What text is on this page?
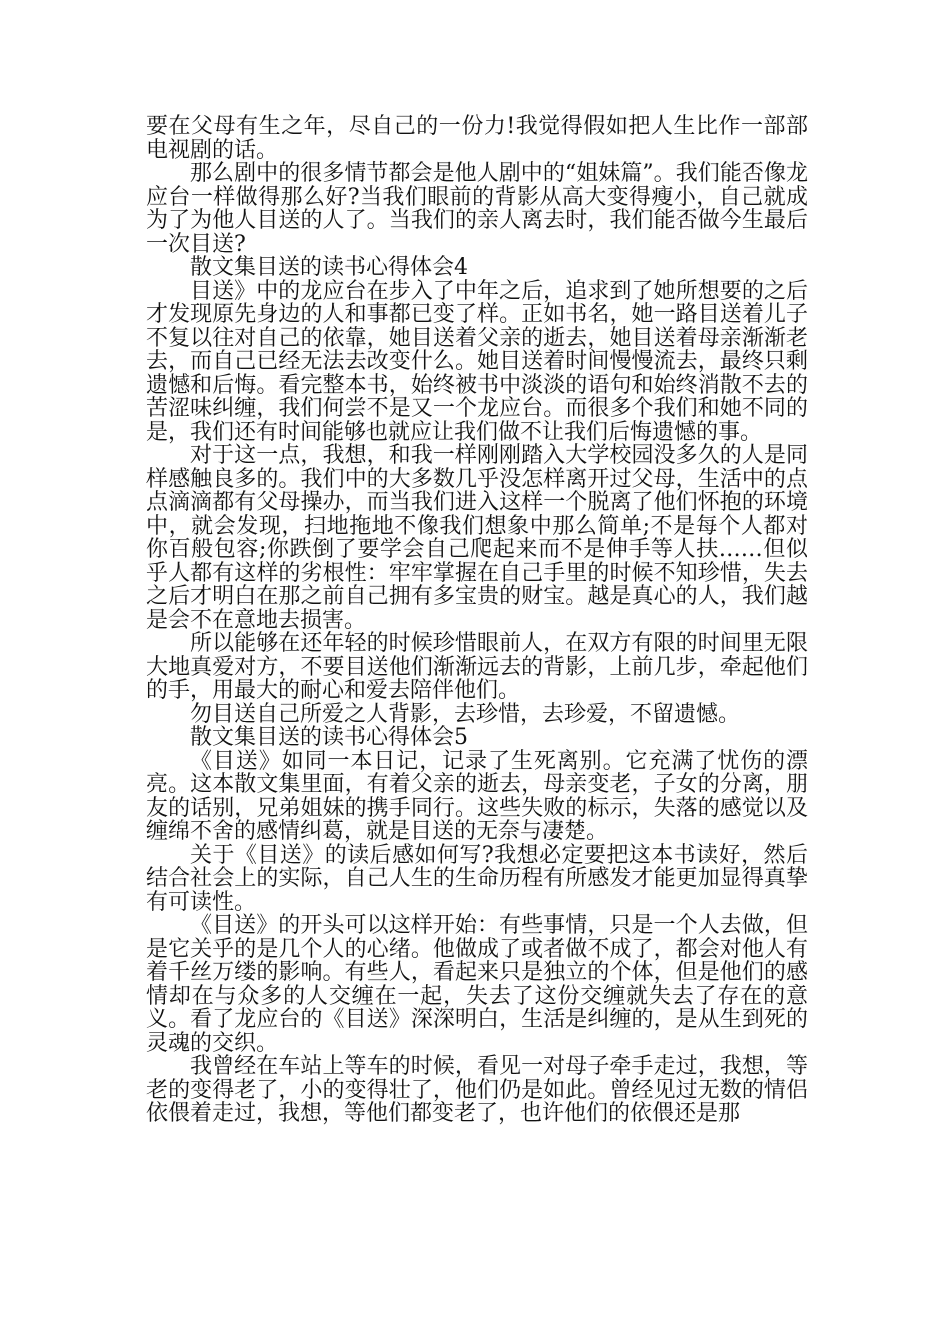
要在父母有生之年，尽自己的一份力!我觉得假如把人生比作一部部电视剧的话。

那么剧中的很多情节都会是他人剧中的“姐妹篇”。我们能否像龙应台一样做得那么好?当我们眼前的背影从高大变得瘦小，自己就成为了为他人目送的人了。当我们的亲人离去时，我们能否做今生最后一次目送?

散文集目送的读书心得体会4

目送》中的龙应台在步入了中年之后，追求到了她所想要的之后才发现原先身边的人和事都已变了样。正如书名，她一路目送着儿子不复以往对自己的依靠，她目送着父亲的逝去，她目送着母亲渐渐老去，而自己已经无法去改变什么。她目送着时间慢慢流去，最终只剩遗憾和后悔。看完整本书，始终被书中淡淡的语句和始终消散不去的苦涩味纠缠，我们何尝不是又一个龙应台。而很多个我们和她不同的是，我们还有时间能够也就应让我们做不让我们后悔遗憾的事。

对于这一点，我想，和我一样刚刚踏入大学校园没多久的人是同样感触良多的。我们中的大多数几乎没怎样离开过父母，生活中的点点滴滴都有父母操办，而当我们进入这样一个脱离了他们怀抱的环境中，就会发现，扫地拖地不像我们想象中那么简单;不是每个人都对你百般包容;你跌倒了要学会自己爬起来而不是伸手等人扶……但似乎人都有这样的劣根性：牢牢掌握在自己手里的时候不知珍惜，失去之后才明白在那之前自己拥有多宝贵的财宝。越是真心的人，我们越是会不在意地去损害。

所以能够在还年轻的时候珍惜眼前人，在双方有限的时间里无限大地真爱对方，不要目送他们渐渐远去的背影，上前几步，牵起他们的手，用最大的耐心和爱去陪伴他们。

勿目送自己所爱之人背影，去珍惜，去珍爱，不留遗憾。

散文集目送的读书心得体会5

《目送》如同一本日记，记录了生死离别。它充满了忧伤的漂亮。这本散文集里面，有着父亲的逝去，母亲变老，子女的分离，朋友的话别，兄弟姐妹的携手同行。这些失败的标示，失落的感觉以及缠绵不舍的感情纠葛，就是目送的无奈与凄楚。

关于《目送》的读后感如何写?我想必定要把这本书读好，然后结合社会上的实际，自己人生的生命历程有所感发才能更加显得真挚有可读性。

《目送》的开头可以这样开始：有些事情，只是一个人去做，但是它关乎的是几个人的心绪。他做成了或者做不成了，都会对他人有着千丝万缕的影响。有些人，看起来只是独立的个体，但是他们的感情却在与众多的人交缠在一起，失去了这份交缠就失去了存在的意义。看了龙应台的《目送》深深明白，生活是纠缠的，是从生到死的灵魂的交织。

我曾经在车站上等车的时候，看见一对母子牵手走过，我想，等老的变得老了，小的变得壮了，他们仍是如此。曾经见过无数的情侣依偎着走过，我想，等他们都变老了，也许他们的依偎还是那
